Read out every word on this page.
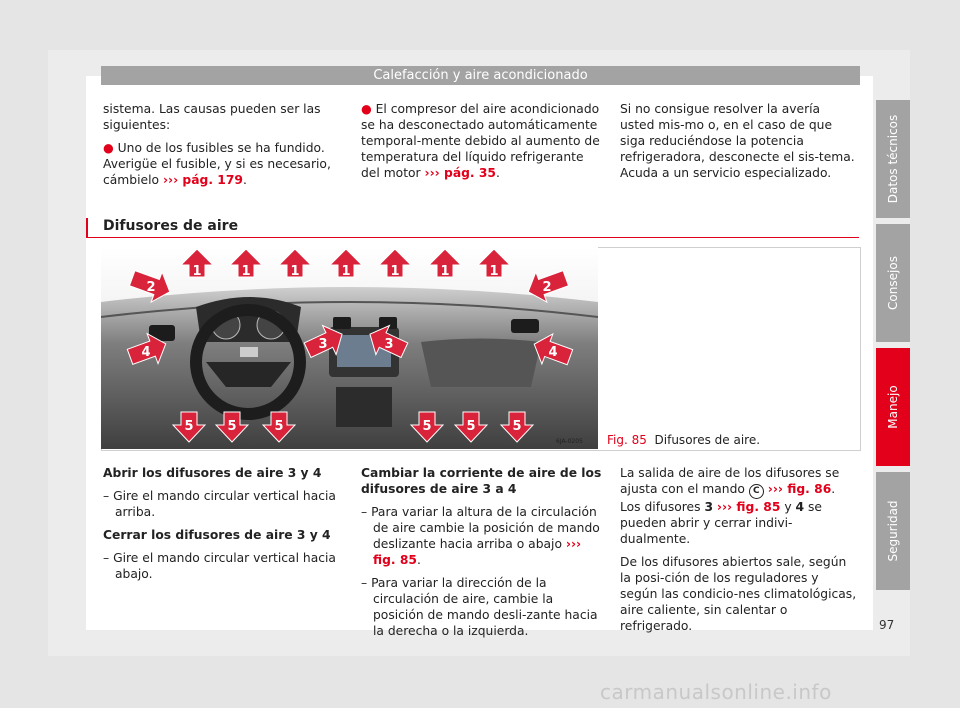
Calefacción y aire acondicionado

sistema. Las causas pueden ser las siguientes:

● Uno de los fusibles se ha fundido. Averigüe el fusible, y si es necesario, cámbielo ››› pág. 179.

● El compresor del aire acondicionado se ha desconectado automáticamente temporal-mente debido al aumento de temperatura del líquido refrigerante del motor ››› pág. 35.

Si no consigue resolver la avería usted mis-mo o, en el caso de que siga reduciéndose la potencia refrigeradora, desconecte el sis-tema. Acuda a un servicio especializado.

Difusores de aire
6JA-0205
1	1	1	1	1	1	1
2	2
3	3
4	4
5	5	5	5	5	5
Fig. 85 Difusores de aire.

Abrir los difusores de aire 3 y 4

– Gire el mando circular vertical hacia arriba.

Cerrar los difusores de aire 3 y 4

– Gire el mando circular vertical hacia abajo.

Cambiar la corriente de aire de los difusores de aire 3 a 4

– Para variar la altura de la circulación de aire cambie la posición de mando deslizante hacia arriba o abajo ››› fig. 85.

– Para variar la dirección de la circulación de aire, cambie la posición de mando desli-zante hacia la derecha o la izquierda.

La salida de aire de los difusores se ajusta con el mando C ››› fig. 86. Los difusores 3 ››› fig. 85 y 4 se pueden abrir y cerrar indivi-dualmente.

De los difusores abiertos sale, según la posi-ción de los reguladores y según las condicio-nes climatológicas, aire caliente, sin calentar o refrigerado.

Datos técnicos
Consejos
Manejo
Seguridad
97
carmanualsonline.info
